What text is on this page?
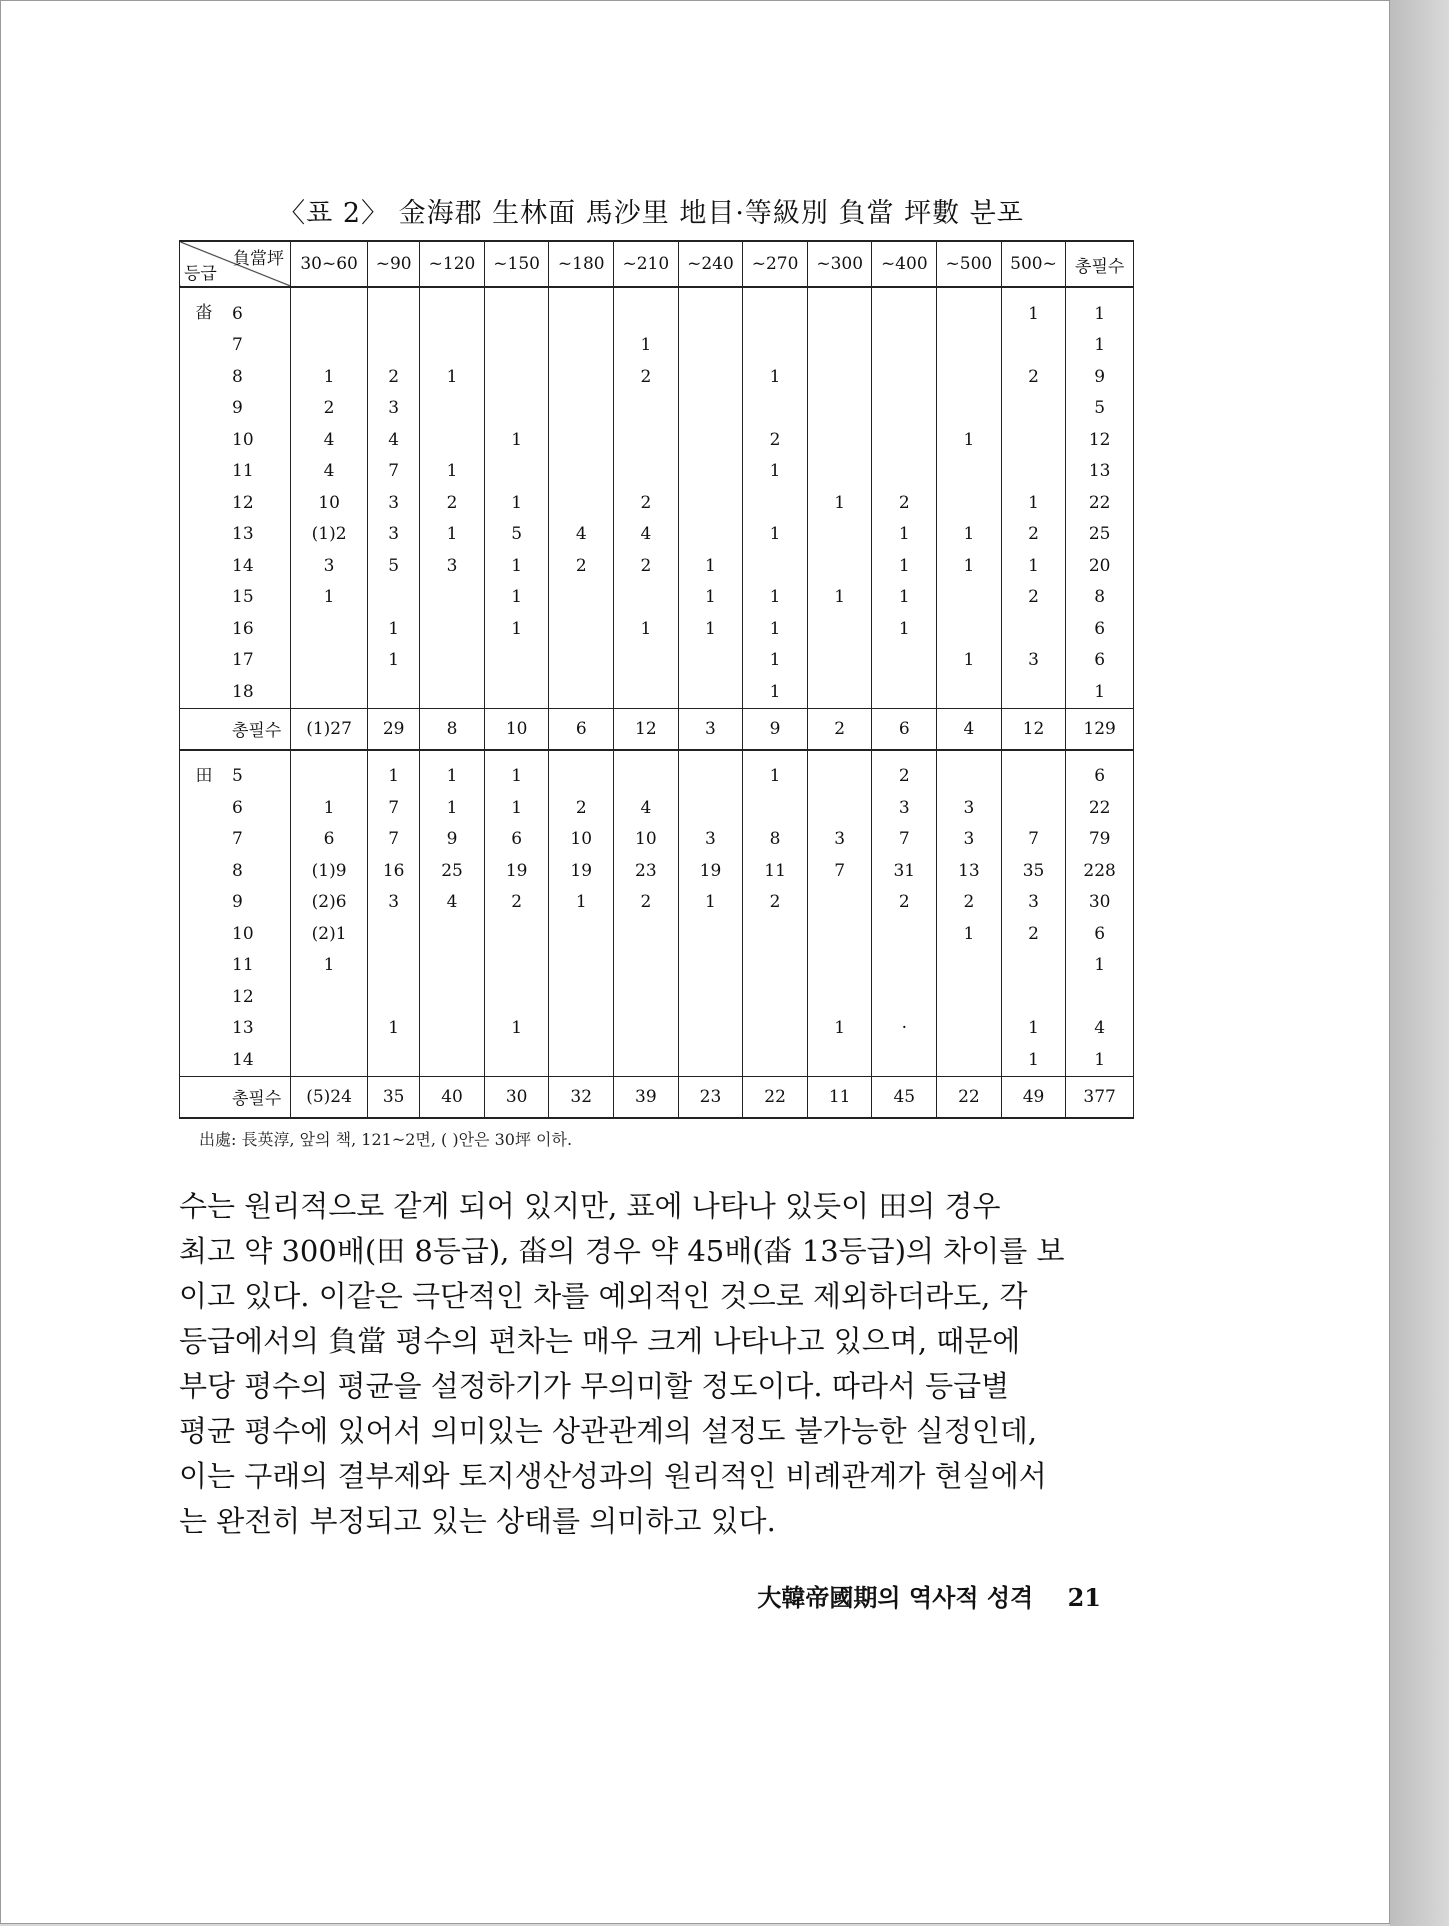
〈표 2〉 金海郡 生林面 馬沙里 地目·等級別 負當 坪數 분포
負當坪
등급		30~60	~90	~120	~150	~180	~210	~240	~270	~300	~400	~500	500~	총필수
畓	6												1	1
	7						1							1
	8	1	2	1			2		1				2	9
	9	2	3											5
	10	4	4		1				2			1		12
	11	4	7	1					1					13
	12	10	3	2	1		2			1	2		1	22
	13	(1)2	3	1	5	4	4		1		1	1	2	25
	14	3	5	3	1	2	2	1			1	1	1	20
	15	1			1			1	1	1	1		2	8
	16		1		1		1	1	1		1			6
	17		1						1			1	3	6
	18								1					1
	총필수	(1)27	29	8	10	6	12	3	9	2	6	4	12	129
田	5		1	1	1				1		2			6
	6	1	7	1	1	2	4				3	3		22
	7	6	7	9	6	10	10	3	8	3	7	3	7	79
	8	(1)9	16	25	19	19	23	19	11	7	31	13	35	228
	9	(2)6	3	4	2	1	2	1	2		2	2	3	30
	10	(2)1										1	2	6
	11	1												1
	12													
	13		1		1					1	·		1	4
	14												1	1
	총필수	(5)24	35	40	30	32	39	23	22	11	45	22	49	377
出處: 長英淳, 앞의 책, 121~2면, ( )안은 30坪 이하.

수는 원리적으로 같게 되어 있지만, 표에 나타나 있듯이 田의 경우

최고 약 300배(田 8등급), 畓의 경우 약 45배(畓 13등급)의 차이를 보

이고 있다. 이같은 극단적인 차를 예외적인 것으로 제외하더라도, 각

등급에서의 負當 평수의 편차는 매우 크게 나타나고 있으며, 때문에

부당 평수의 평균을 설정하기가 무의미할 정도이다. 따라서 등급별

평균 평수에 있어서 의미있는 상관관계의 설정도 불가능한 실정인데,

이는 구래의 결부제와 토지생산성과의 원리적인 비례관계가 현실에서

는 완전히 부정되고 있는 상태를 의미하고 있다.

大韓帝國期의 역사적 성격 21
